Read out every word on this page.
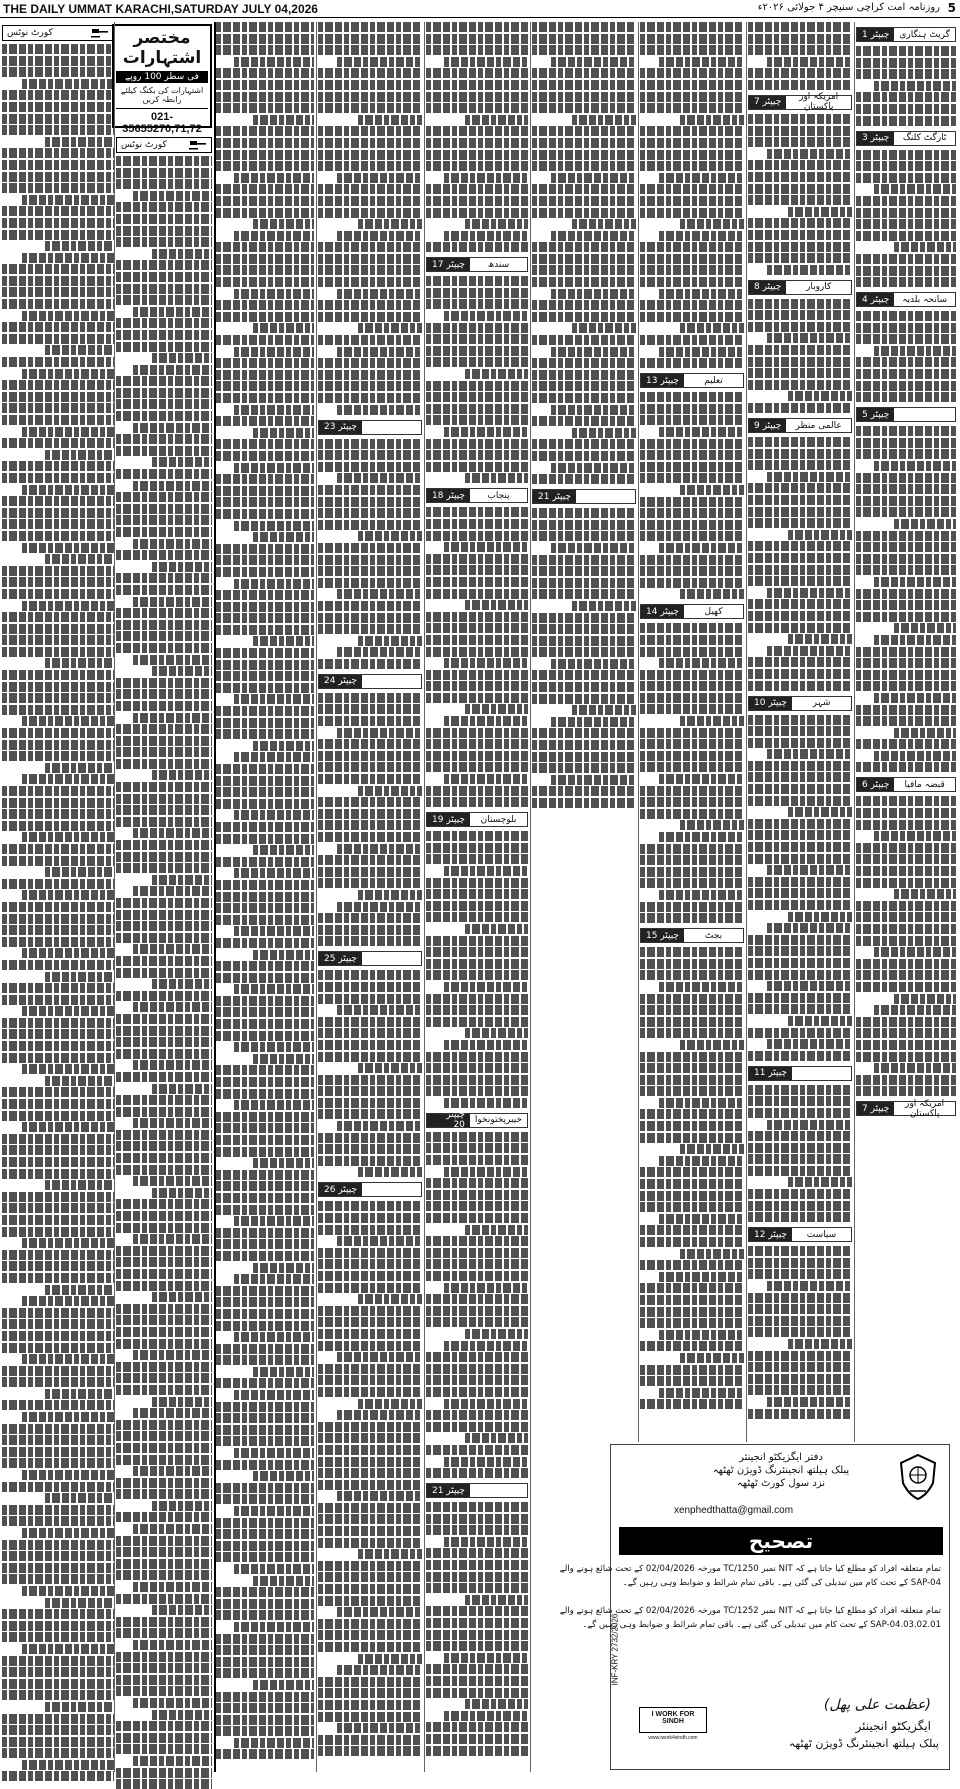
THE DAILY UMMAT KARACHI,SATURDAY JULY 04,2026	روزنامہ امت کراچی سنیچر ۴ جولائی ۲۰۲۶ء 5
کورٹ نوٹس	مختصر اشتہارات
فی سطر 100 روپے
اشتہارات کی بکنگ کیلئے رابطہ کریں
021-35655270,71,72
کورٹ نوٹس
چیپٹر 23
چیپٹر 24
چیپٹر 25
چیپٹر 26
چیپٹر 17	سندھ
چیپٹر 18	پنجاب
چیپٹر 19	بلوچستان
چیپٹر 20	خیبرپختونخوا
چیپٹر 21
چیپٹر 21
چیپٹر 13	تعلیم
چیپٹر 14	کھیل
چیپٹر 15	بجٹ
چیپٹر 7	امریکہ اور پاکستان
چیپٹر 8	کاروبار
چیپٹر 9	عالمی منظر
چیپٹر 10	شہر
چیپٹر 11
چیپٹر 12	سیاست
چیپٹر 1	گریٹ ہنگاری
چیپٹر 3	ٹارگٹ کلنگ
چیپٹر 4	سانحہ بلدیہ
چیپٹر 5
چیپٹر 6	قبضہ مافیا
چیپٹر 7	امریکہ اور پاکستان
دفتر ایگزیکٹو انجینئر
پبلک ہیلتھ انجینئرنگ ڈویژن ٹھٹھہ
نزد سول کورٹ ٹھٹھہ
xenphedthatta@gmail.com
تصحیح
تمام متعلقہ افراد کو مطلع کیا جاتا ہے کہ NIT نمبر TC/1250 مورخہ 02/04/2026 کے تحت شائع ہونے والے
SAP-04 کے تحت کام میں تبدیلی کی گئی ہے۔ باقی تمام شرائط و ضوابط وہی رہیں گے۔
تمام متعلقہ افراد کو مطلع کیا جاتا ہے کہ NIT نمبر TC/1252 مورخہ 02/04/2026 کے تحت شائع ہونے والے
SAP-04.03.02.01 کے تحت کام میں تبدیلی کی گئی ہے۔ باقی تمام شرائط و ضوابط وہی رہیں گے۔
(عظمت علی پھل)
ایگزیکٹو انجینئر
پبلک ہیلتھ انجینئرنگ ڈویژن ٹھٹھہ
I WORK FOR SINDH
www.iwork4sindh.com
INF-KRY 2732/2026
